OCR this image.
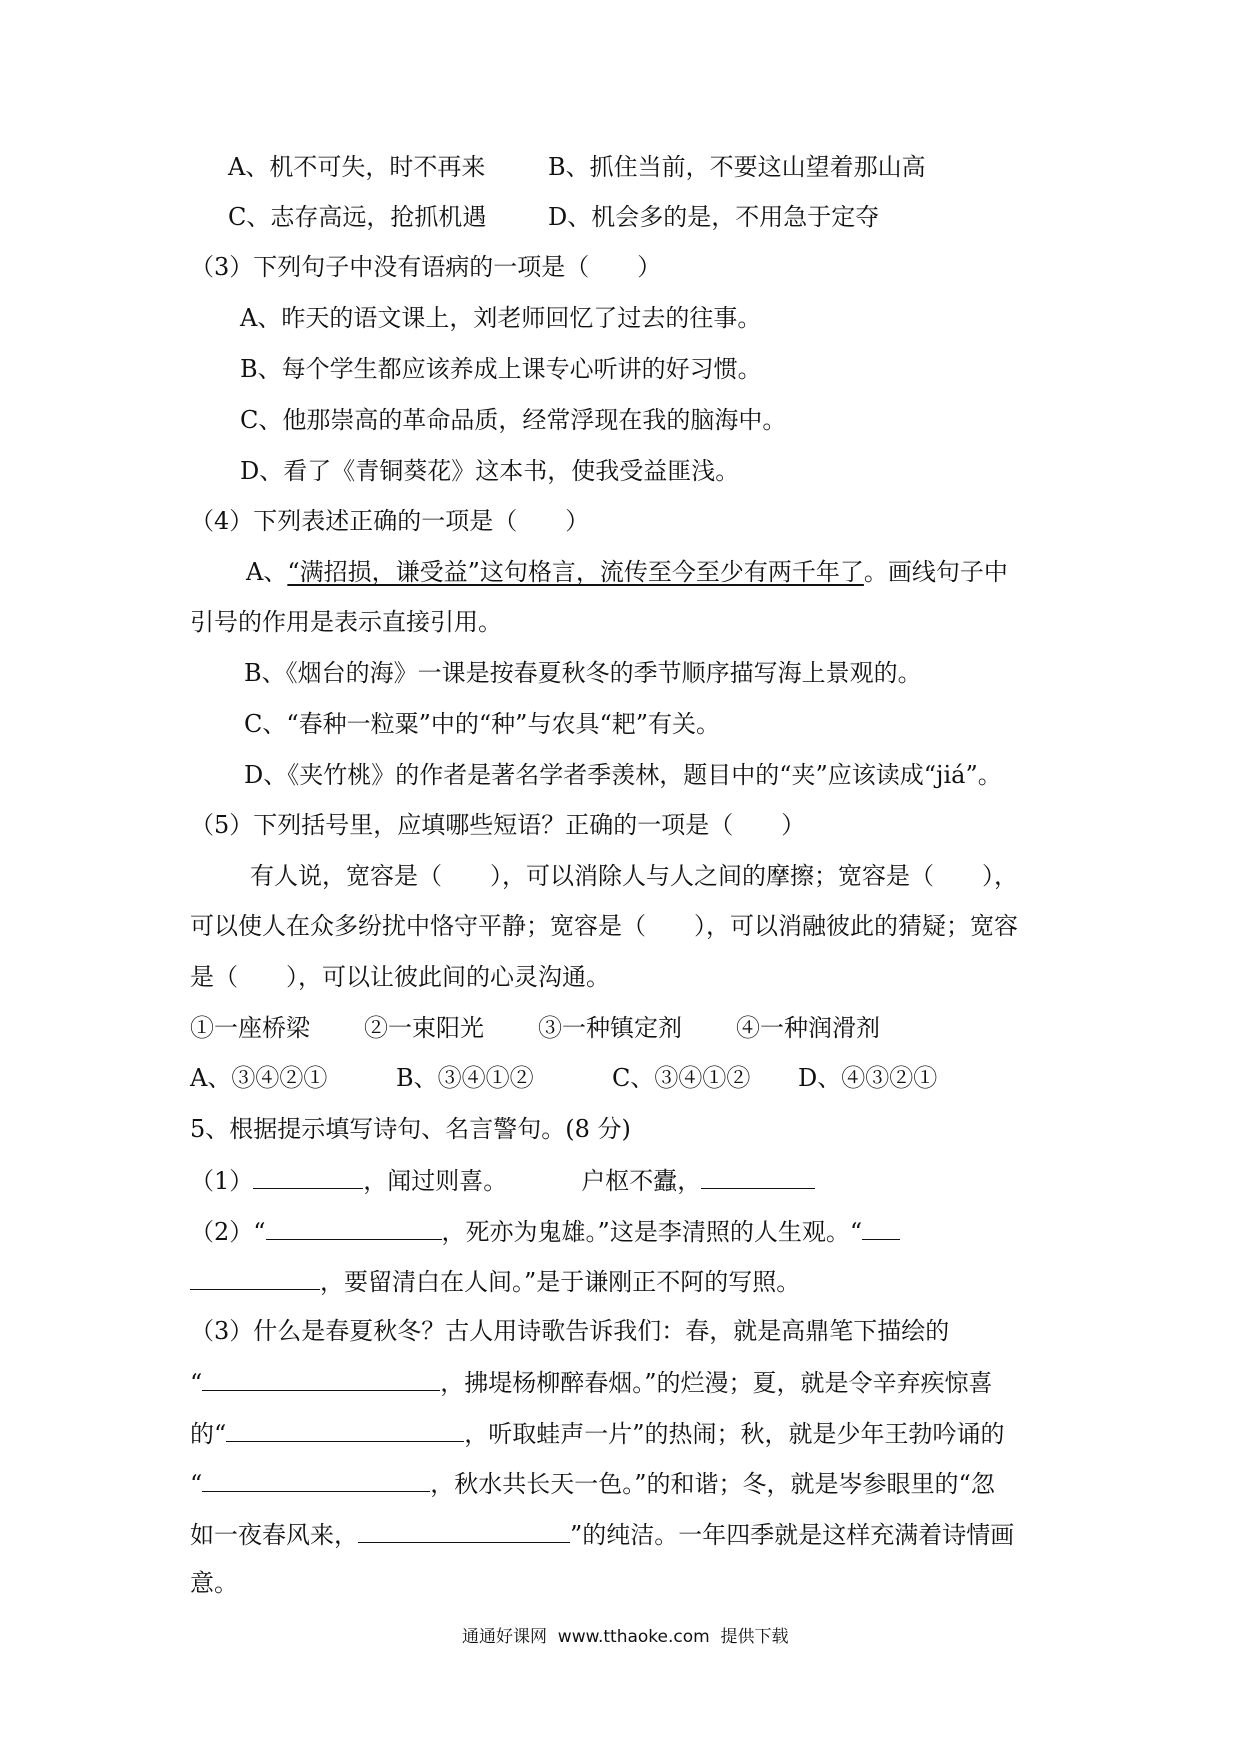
A、机不可失，时不再来	B、抓住当前，不要这山望着那山高
C、志存高远，抢抓机遇	D、机会多的是，不用急于定夺
（3）下列句子中没有语病的一项是（　　）
A、昨天的语文课上，刘老师回忆了过去的往事。
B、每个学生都应该养成上课专心听讲的好习惯。
C、他那崇高的革命品质，经常浮现在我的脑海中。
D、看了《青铜葵花》这本书，使我受益匪浅。
（4）下列表述正确的一项是（　　）
A、“满招损，谦受益”这句格言，流传至今至少有两千年了。画线句子中
引号的作用是表示直接引用。
B、《烟台的海》一课是按春夏秋冬的季节顺序描写海上景观的。
C、“春种一粒粟”中的“种”与农具“耙”有关。
D、《夹竹桃》的作者是著名学者季羡林，题目中的“夹”应该读成“jiá”。
（5）下列括号里，应填哪些短语？正确的一项是（　　）
有人说，宽容是（　　），可以消除人与人之间的摩擦；宽容是（　　），
可以使人在众多纷扰中恪守平静；宽容是（　　），可以消融彼此的猜疑；宽容
是（　　），可以让彼此间的心灵沟通。
①一座桥梁 ②一束阳光 ③一种镇定剂 ④一种润滑剂
A、③④②①	B、③④①②	C、③④①② D、④③②①
5、根据提示填写诗句、名言警句。(8 分)
（1）	，闻过则喜。	户枢不蠹，
（2）“	，死亦为鬼雄。”这是李清照的人生观。“
，要留清白在人间。”是于谦刚正不阿的写照。
（3）什么是春夏秋冬？古人用诗歌告诉我们：春，就是高鼎笔下描绘的
“	，拂堤杨柳醉春烟。”的烂漫；夏，就是令辛弃疾惊喜
的“	，听取蛙声一片”的热闹；秋，就是少年王勃吟诵的
“	，秋水共长天一色。”的和谐；冬，就是岑参眼里的“忽
如一夜春风来，	”的纯洁。一年四季就是这样充满着诗情画
意。
通通好课网  www.tthaoke.com  提供下载
